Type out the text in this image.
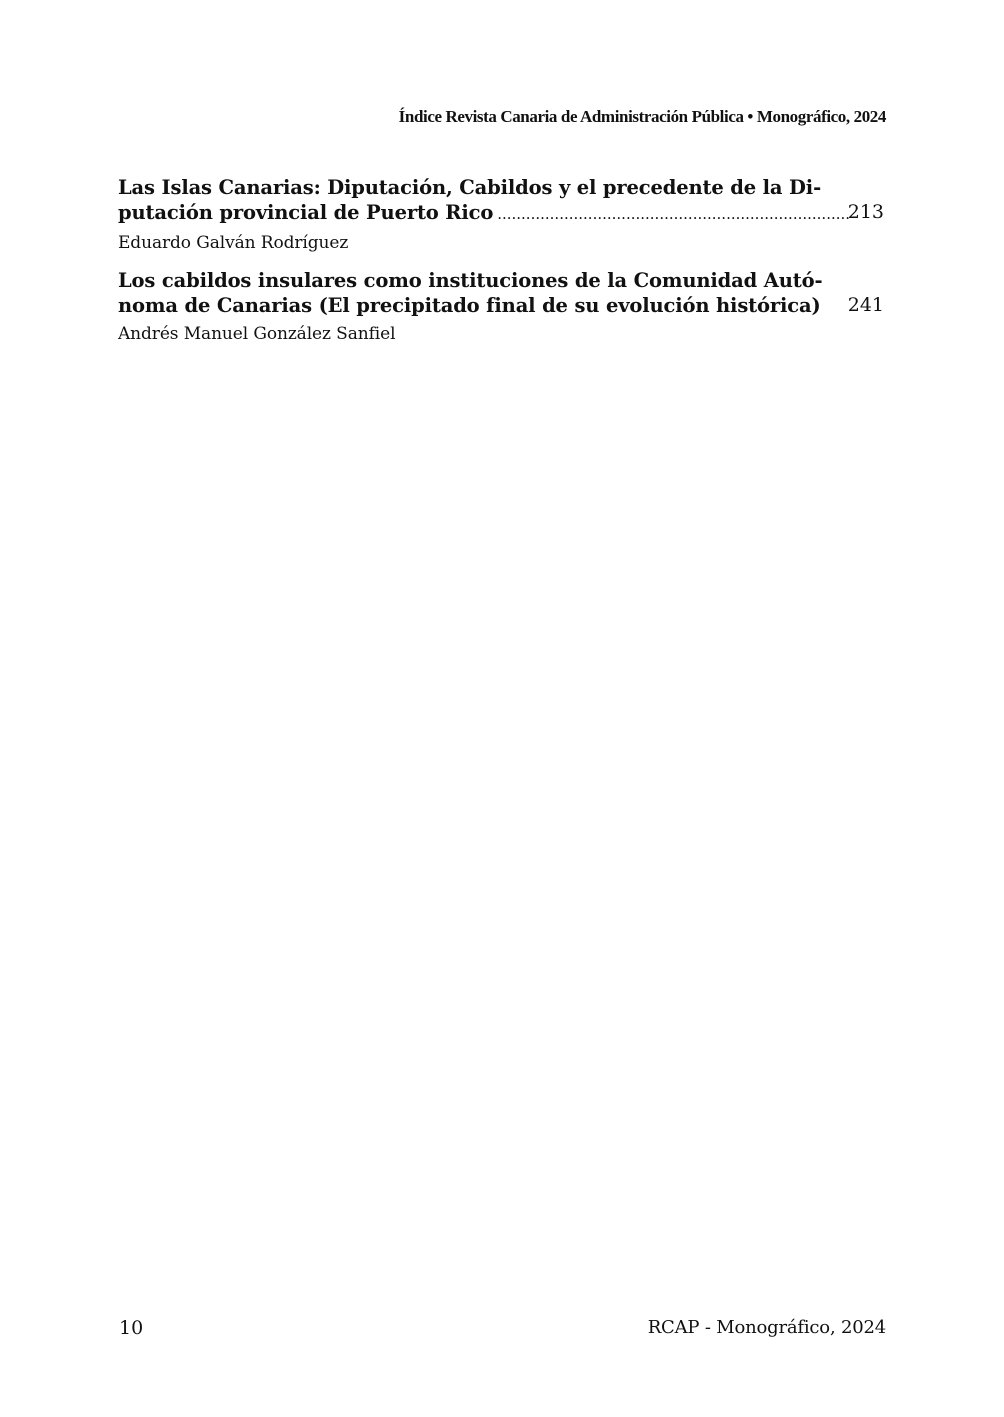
Índice Revista Canaria de Administración Pública • Monográfico, 2024
Las Islas Canarias: Diputación, Cabildos y el precedente de la Di-
putación provincial de Puerto Rico ..........................................................................
213
Eduardo Galván Rodríguez
Los cabildos insulares como instituciones de la Comunidad Autó-
noma de Canarias (El precipitado final de su evolución histórica) 241
Andrés Manuel González Sanfiel
10	RCAP - Monográfico, 2024
